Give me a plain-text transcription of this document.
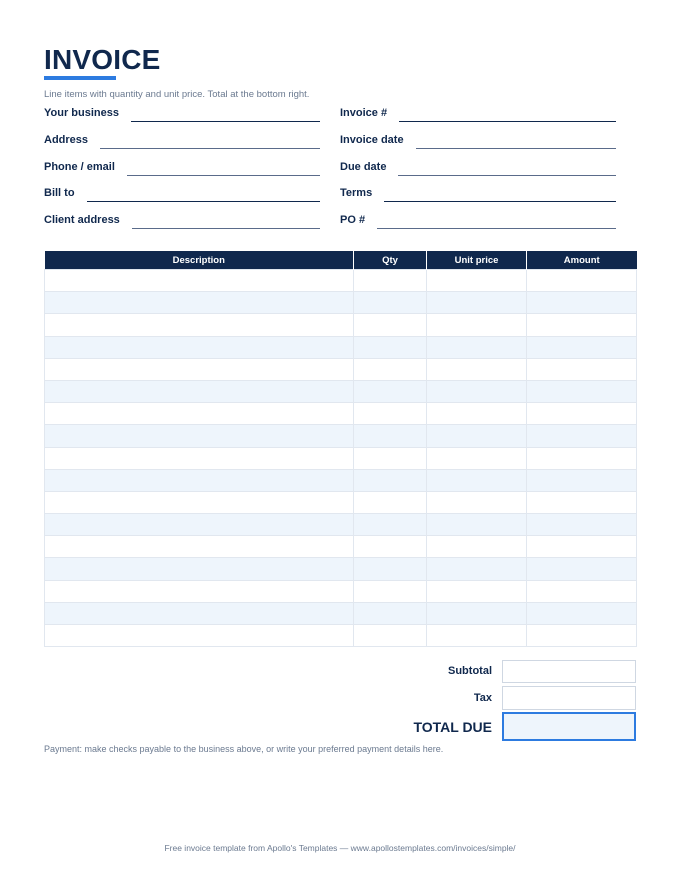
INVOICE
Line items with quantity and unit price. Total at the bottom right.
Your business
Address
Phone / email
Bill to
Client address
Invoice #
Invoice date
Due date
Terms
PO #
Description	Qty	Unit price	Amount

Subtotal
Tax
TOTAL DUE
Payment: make checks payable to the business above, or write your preferred payment details here.
Free invoice template from Apollo's Templates — www.apollostemplates.com/invoices/simple/
